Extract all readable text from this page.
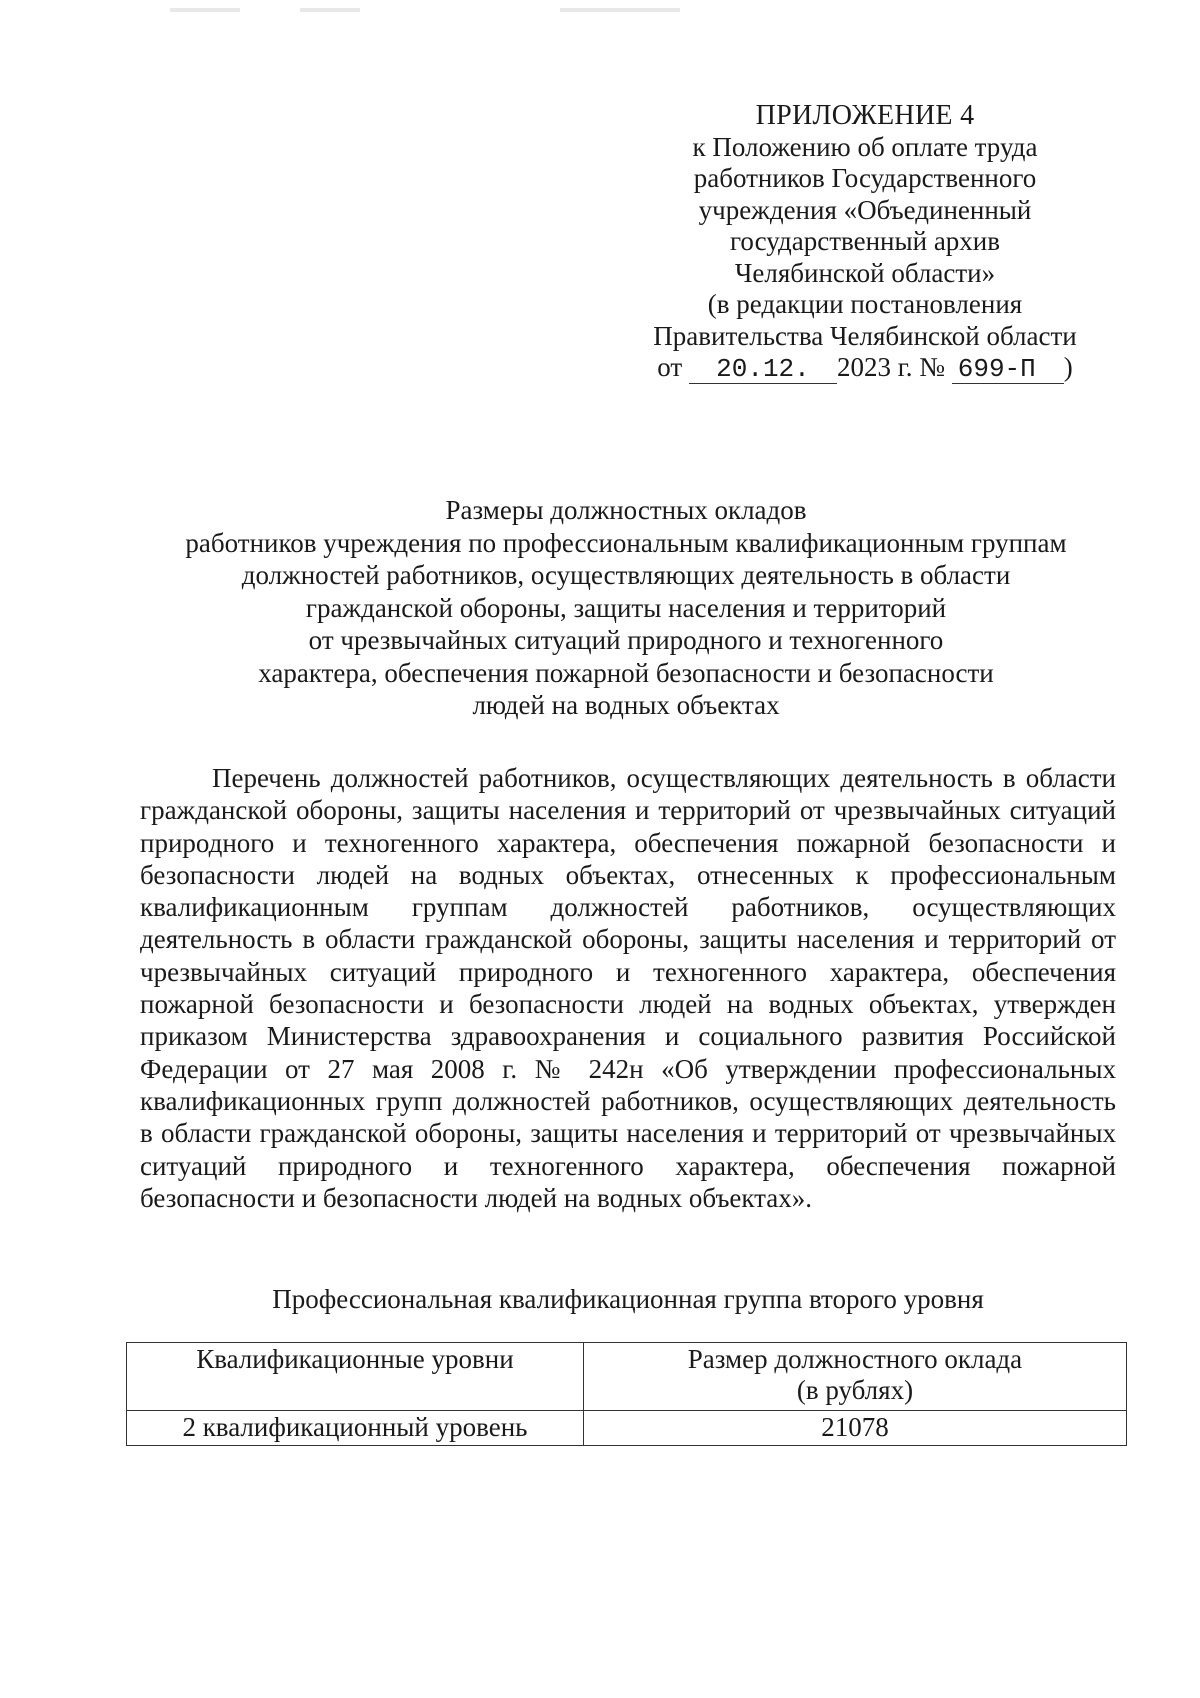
ПРИЛОЖЕНИЕ 4
к Положению об оплате труда
работников Государственного
учреждения «Объединенный
государственный архив
Челябинской области»
(в редакции постановления
Правительства Челябинской области
от 20.12. 2023 г. № 699-П )
Размеры должностных окладов
работников учреждения по профессиональным квалификационным группам
должностей работников, осуществляющих деятельность в области
гражданской обороны, защиты населения и территорий
от чрезвычайных ситуаций природного и техногенного
характера, обеспечения пожарной безопасности и безопасности
людей на водных объектах

Перечень должностей работников, осуществляющих деятельность в области гражданской обороны, защиты населения и территорий от чрезвычайных ситуаций природного и техногенного характера, обеспечения пожарной безопасности и безопасности людей на водных объектах, отнесенных к профессиональным квалификационным группам должностей работников, осуществляющих деятельность в области гражданской обороны, защиты населения и территорий от чрезвычайных ситуаций природного и техногенного характера, обеспечения пожарной безопасности и безопасности людей на водных объектах, утвержден приказом Министерства здравоохранения и социального развития Российской Федерации от 27 мая 2008 г. № 242н «Об утверждении профессиональных квалификационных групп должностей работников, осуществляющих деятельность в области гражданской обороны, защиты населения и территорий от чрезвычайных ситуаций природного и техногенного характера, обеспечения пожарной безопасности и безопасности людей на водных объектах».

Профессиональная квалификационная группа второго уровня
Квалификационные уровни	Размер должностного оклада
(в рублях)

2 квалификационный уровень	21078
